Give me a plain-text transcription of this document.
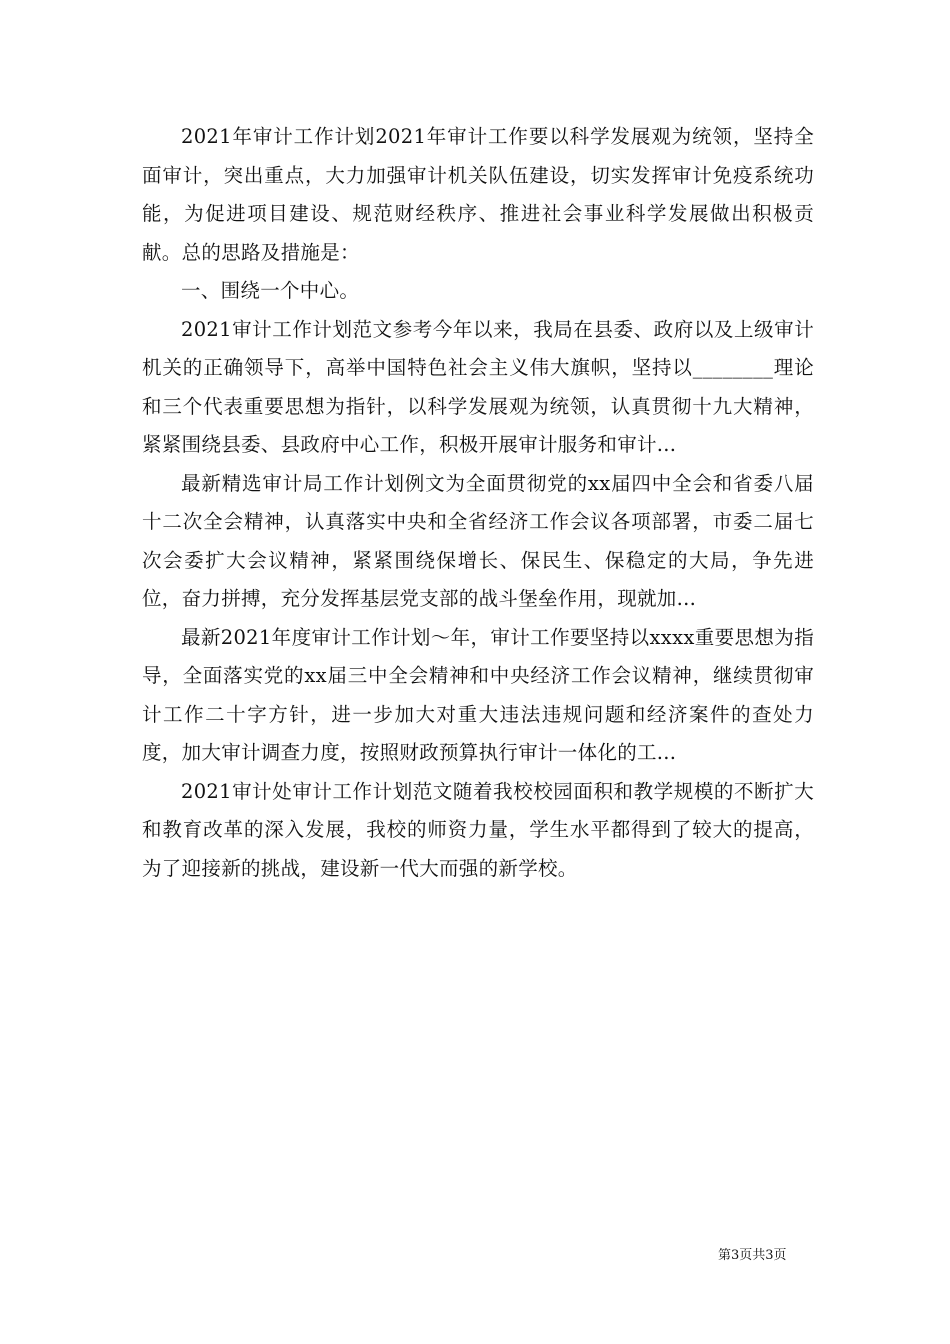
2021年审计工作计划2021年审计工作要以科学发展观为统领，坚持全面审计，突出重点，大力加强审计机关队伍建设，切实发挥审计免疫系统功能，为促进项目建设、规范财经秩序、推进社会事业科学发展做出积极贡献。总的思路及措施是：

一、围绕一个中心。

2021审计工作计划范文参考今年以来，我局在县委、政府以及上级审计机关的正确领导下，高举中国特色社会主义伟大旗帜，坚持以________理论和三个代表重要思想为指针，以科学发展观为统领，认真贯彻十九大精神，紧紧围绕县委、县政府中心工作，积极开展审计服务和审计...

最新精选审计局工作计划例文为全面贯彻党的xx届四中全会和省委八届十二次全会精神，认真落实中央和全省经济工作会议各项部署，市委二届七次会委扩大会议精神，紧紧围绕保增长、保民生、保稳定的大局，争先进位，奋力拼搏，充分发挥基层党支部的战斗堡垒作用，现就加...

最新2021年度审计工作计划～年，审计工作要坚持以xxxx重要思想为指导，全面落实党的xx届三中全会精神和中央经济工作会议精神，继续贯彻审计工作二十字方针，进一步加大对重大违法违规问题和经济案件的查处力度，加大审计调查力度，按照财政预算执行审计一体化的工...

2021审计处审计工作计划范文随着我校校园面积和教学规模的不断扩大和教育改革的深入发展，我校的师资力量，学生水平都得到了较大的提高，为了迎接新的挑战，建设新一代大而强的新学校。

第3页共3页
